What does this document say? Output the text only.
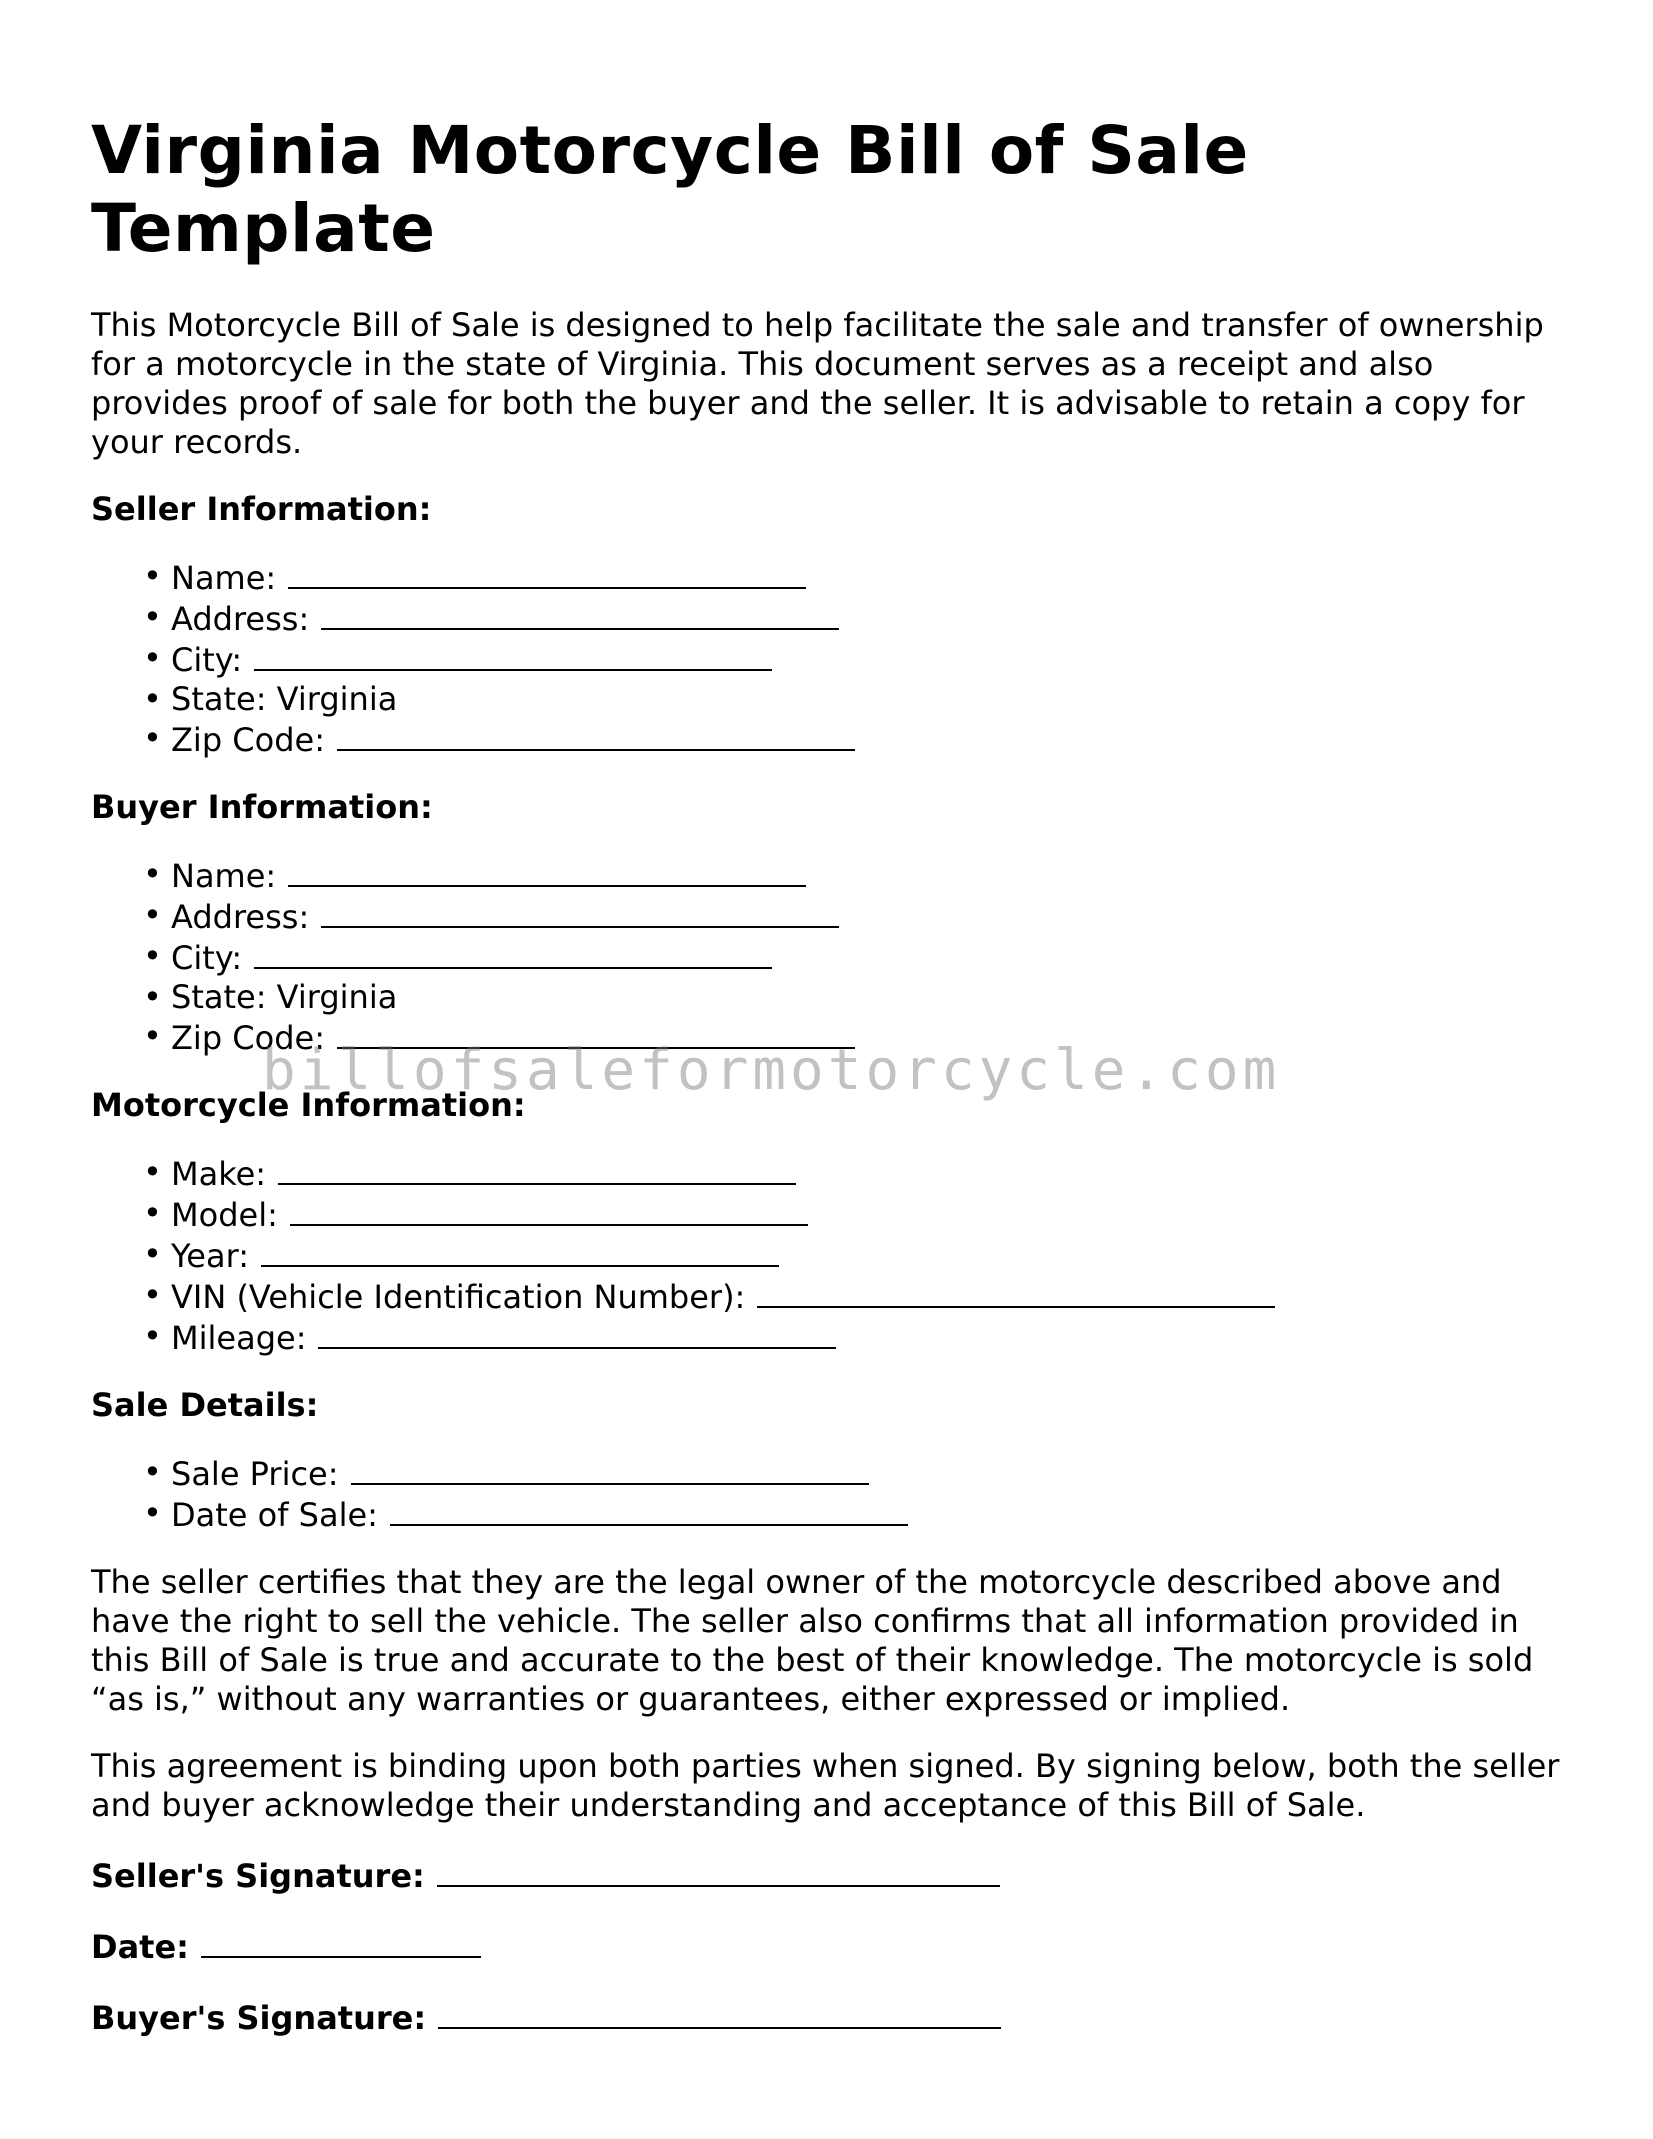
Virginia Motorcycle Bill of Sale Template

This Motorcycle Bill of Sale is designed to help facilitate the sale and transfer of ownership for a motorcycle in the state of Virginia. This document serves as a receipt and also provides proof of sale for both the buyer and the seller. It is advisable to retain a copy for your records.

Seller Information:

• Name:
• Address:
• City:
• State: Virginia
• Zip Code:

Buyer Information:

• Name:
• Address:
• City:
• State: Virginia
• Zip Code:

Motorcycle Information:

• Make:
• Model:
• Year:
• VIN (Vehicle Identification Number):
• Mileage:

Sale Details:

• Sale Price:
• Date of Sale:

The seller certifies that they are the legal owner of the motorcycle described above and have the right to sell the vehicle. The seller also confirms that all information provided in this Bill of Sale is true and accurate to the best of their knowledge. The motorcycle is sold “as is,” without any warranties or guarantees, either expressed or implied.

This agreement is binding upon both parties when signed. By signing below, both the seller and buyer acknowledge their understanding and acceptance of this Bill of Sale.

Seller's Signature:

Date:

Buyer's Signature:

billofsaleformotorcycle.com
